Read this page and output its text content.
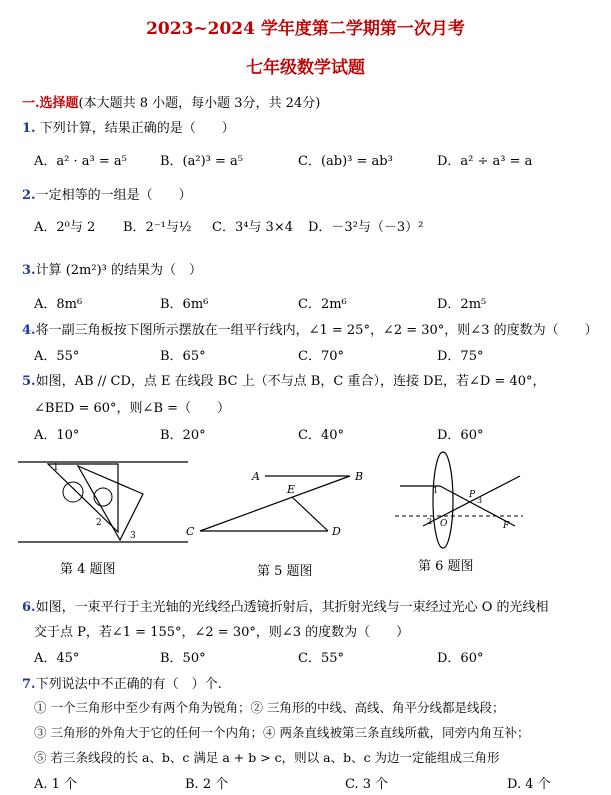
2023~2024 学年度第二学期第一次月考
七年级数学试题
一.选择题(本大题共 8 小题，每小题 3分，共 24分)
1. 下列计算，结果正确的是（　　）
A．a² · a³ = a⁵	B．(a²)³ = a⁵	C．(ab)³ = ab³	D．a² ÷ a³ = a
2.一定相等的一组是（　　）
A．2⁰与 2 B．2⁻¹与½ C．3⁴与 3×4 D．－3²与（－3）²
3.计算 (2m²)³ 的结果为（　）
A．8m⁶	B．6m⁶	C．2m⁶	D．2m⁵
4.将一副三角板按下图所示摆放在一组平行线内，∠1 = 25°，∠2 = 30°，则∠3 的度数为（　　）
A．55°	B．65°	C．70°	D．75°
5.如图，AB // CD，点 E 在线段 BC 上（不与点 B，C 重合），连接 DE，若∠D = 40°，
∠BED = 60°，则∠B =（　　）
A．10°	B．20°	C．40°	D．60°
1
2
3
第 4 题图
A	B
E
C	D
第 5 题图
1
2 O
P
3
F
第 6 题图
6.如图，一束平行于主光轴的光线经凸透镜折射后，其折射光线与一束经过光心 O 的光线相
交于点 P，若∠1 = 155°，∠2 = 30°，则∠3 的度数为（　　）
A．45°	B．50°	C．55°	D．60°
7.下列说法中不正确的有（　）个.
① 一个三角形中至少有两个角为锐角；② 三角形的中线、高线、角平分线都是线段；
③ 三角形的外角大于它的任何一个内角；④ 两条直线被第三条直线所截，同旁内角互补；
⑤ 若三条线段的长 a、b、c 满足 a + b > c，则以 a、b、c 为边一定能组成三角形
A. 1 个	B. 2 个	C. 3 个	D. 4 个
